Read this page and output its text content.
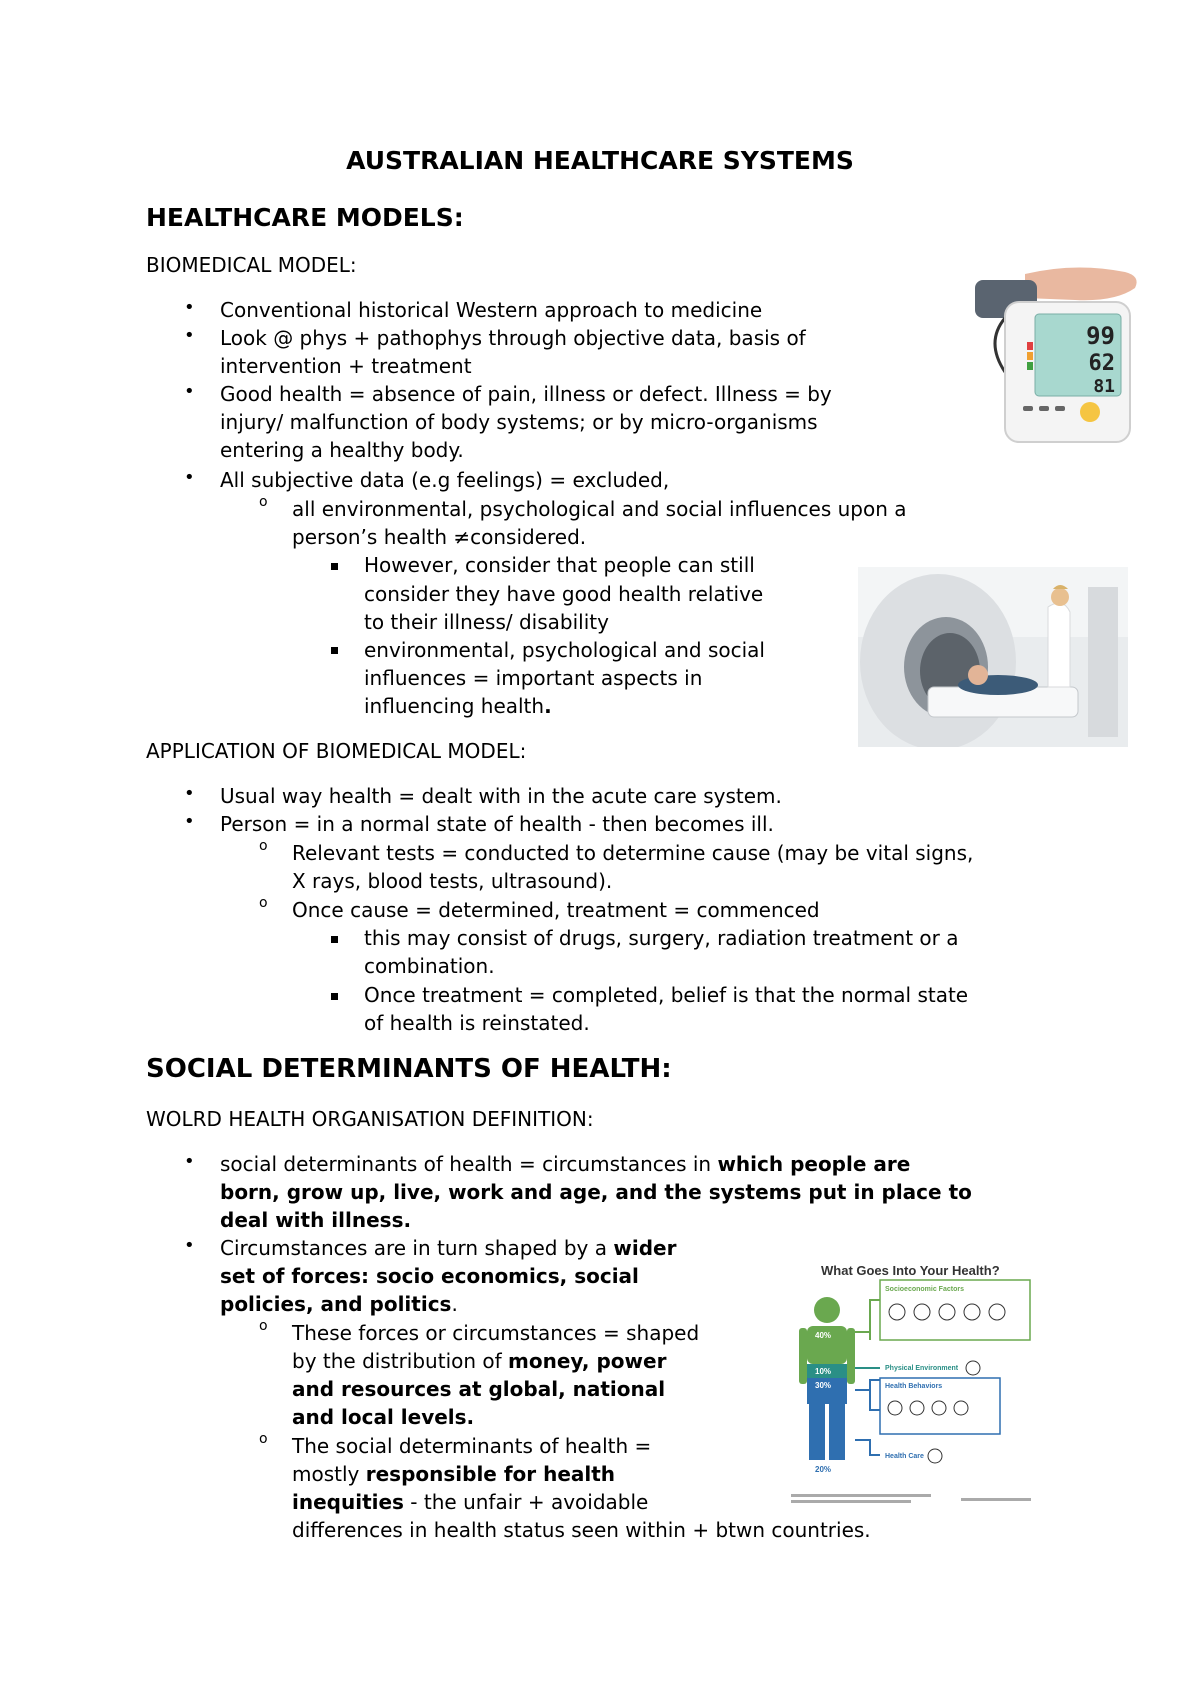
AUSTRALIAN HEALTHCARE SYSTEMS
HEALTHCARE MODELS:
BIOMEDICAL MODEL:
• Conventional historical Western approach to medicine
• Look @ phys + pathophys through objective data, basis of
intervention + treatment
• Good health = absence of pain, illness or defect. Illness = by
injury/ malfunction of body systems; or by micro-organisms
entering a healthy body.
• All subjective data (e.g feelings) = excluded,
o all environmental, psychological and social influences upon a
person’s health ≠considered.
However, consider that people can still
consider they have good health relative
to their illness/ disability
environmental, psychological and social
influences = important aspects in
influencing health.
99
62
81
APPLICATION OF BIOMEDICAL MODEL:
• Usual way health = dealt with in the acute care system.
• Person = in a normal state of health - then becomes ill.
o Relevant tests = conducted to determine cause (may be vital signs,
X rays, blood tests, ultrasound).
o Once cause = determined, treatment = commenced
this may consist of drugs, surgery, radiation treatment or a
combination.
Once treatment = completed, belief is that the normal state
of health is reinstated.
SOCIAL DETERMINANTS OF HEALTH:
WOLRD HEALTH ORGANISATION DEFINITION:
• social determinants of health = circumstances in which people are
born, grow up, live, work and age, and the systems put in place to
deal with illness.
• Circumstances are in turn shaped by a wider
set of forces: socio economics, social
policies, and politics.
o These forces or circumstances = shaped
by the distribution of money, power
and resources at global, national
and local levels.
o The social determinants of health =
mostly responsible for health
inequities - the unfair + avoidable
differences in health status seen within + btwn countries.
What Goes Into Your Health?
40%
10%
30%
20%
Socioeconomic Factors
Physical Environment
Health Behaviors
Health Care
